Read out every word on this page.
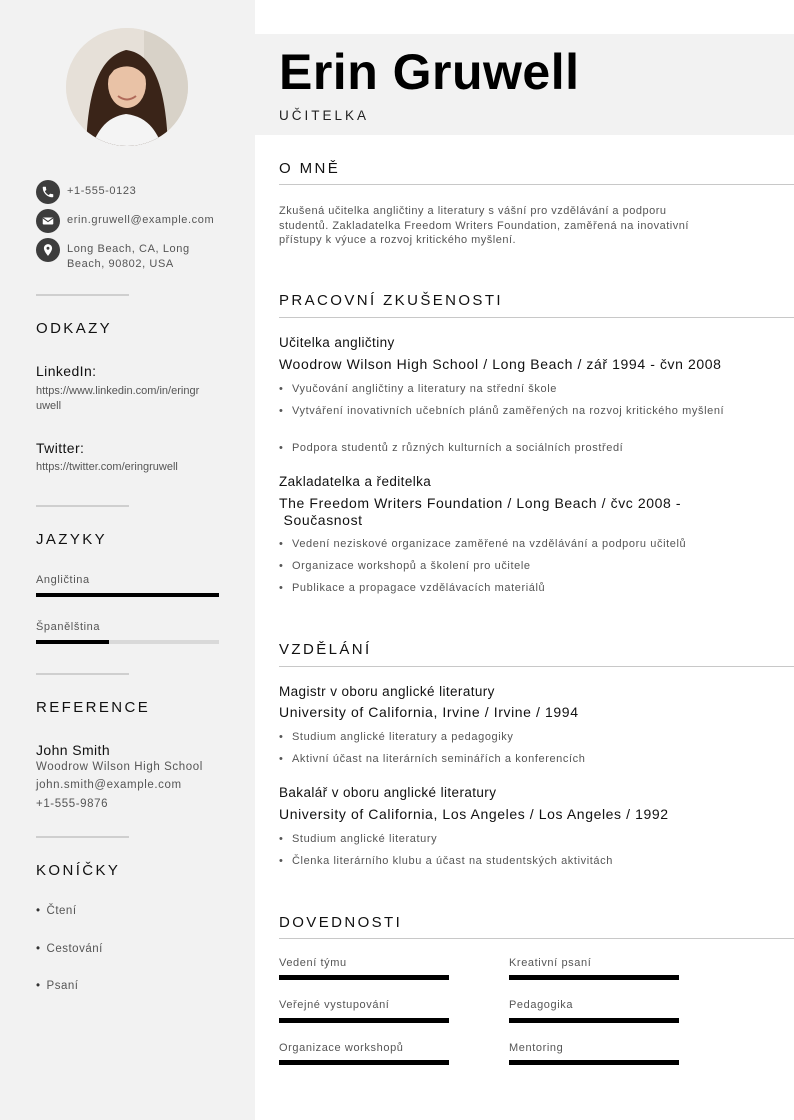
+1-555-0123
erin.gruwell@example.com
Long Beach, CA, Long
Beach, 90802, USA
ODKAZY
LinkedIn:
https://www.linkedin.com/in/eringr
uwell
Twitter:
https://twitter.com/eringruwell
JAZYKY
Angličtina
Španělština
REFERENCE
John Smith
Woodrow Wilson High School
john.smith@example.com
+1-555-9876
KONÍČKY
• Čtení
• Cestování
• Psaní
Erin Gruwell
UČITELKA
O MNĚ
Zkušená učitelka angličtiny a literatury s vášní pro vzdělávání a podporu
studentů. Zakladatelka Freedom Writers Foundation, zaměřená na inovativní
přístupy k výuce a rozvoj kritického myšlení.
PRACOVNÍ ZKUŠENOSTI
Učitelka angličtiny
Woodrow Wilson High School / Long Beach / zář 1994 - čvn 2008
• Vyučování angličtiny a literatury na střední škole
• Vytváření inovativních učebních plánů zaměřených na rozvoj kritického myšlení
• Podpora studentů z různých kulturních a sociálních prostředí
Zakladatelka a ředitelka
The Freedom Writers Foundation / Long Beach / čvc 2008 -
Současnost
• Vedení neziskové organizace zaměřené na vzdělávání a podporu učitelů
• Organizace workshopů a školení pro učitele
• Publikace a propagace vzdělávacích materiálů
VZDĚLÁNÍ
Magistr v oboru anglické literatury
University of California, Irvine / Irvine / 1994
• Studium anglické literatury a pedagogiky
• Aktivní účast na literárních seminářích a konferencích
Bakalář v oboru anglické literatury
University of California, Los Angeles / Los Angeles / 1992
• Studium anglické literatury
• Členka literárního klubu a účast na studentských aktivitách
DOVEDNOSTI
Vedení týmu	Kreativní psaní
Veřejné vystupování	Pedagogika
Organizace workshopů	Mentoring
